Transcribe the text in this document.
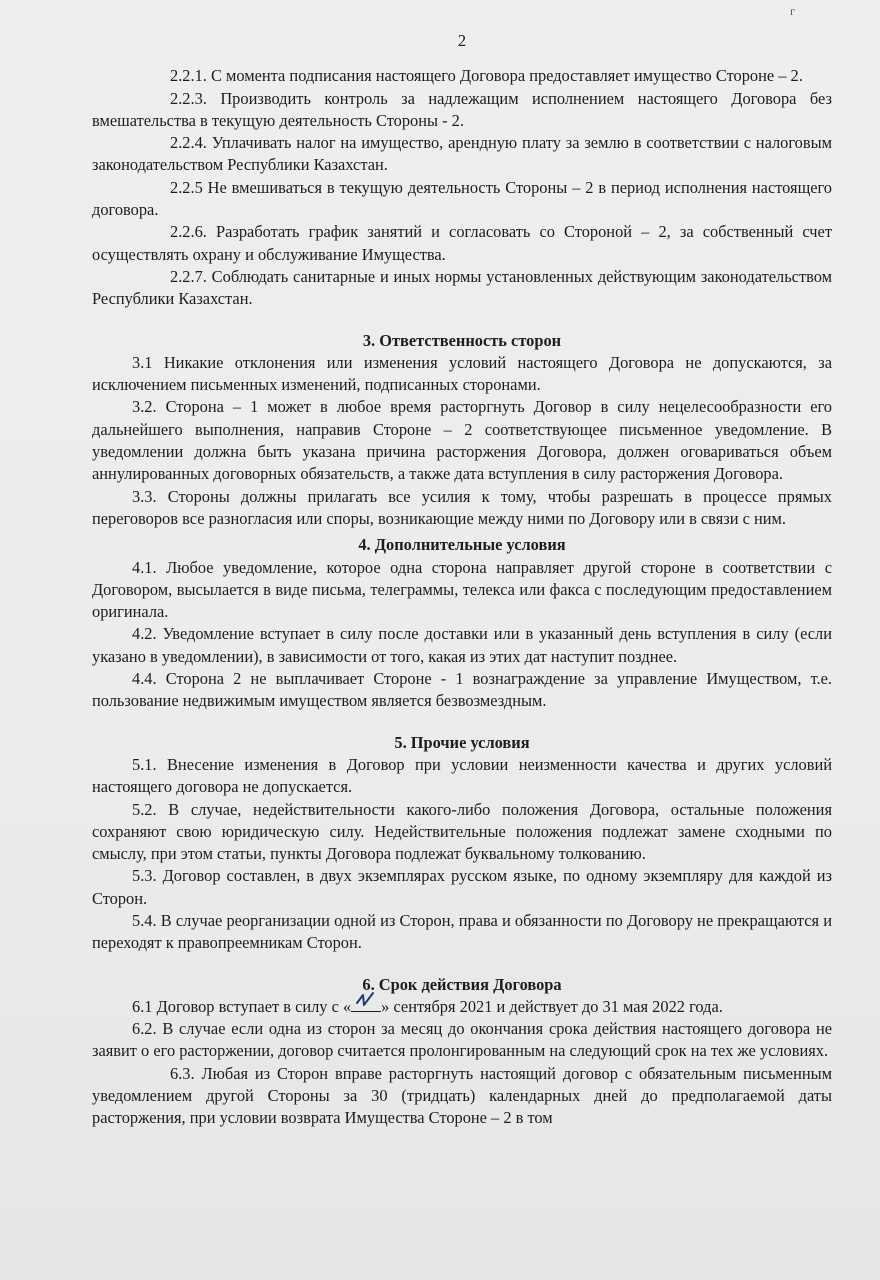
г
2

2.2.1. С момента подписания настоящего Договора предоставляет имущество Стороне – 2.

2.2.3. Производить контроль за надлежащим исполнением настоящего Договора без вмешательства в текущую деятельность Стороны - 2.

2.2.4. Уплачивать налог на имущество, арендную плату за землю в соответствии с налоговым законодательством Республики Казахстан.

2.2.5 Не вмешиваться в текущую деятельность Стороны – 2 в период исполнения настоящего договора.

2.2.6. Разработать график занятий и согласовать со Стороной – 2, за собственный счет осуществлять охрану и обслуживание Имущества.

2.2.7. Соблюдать санитарные и иных нормы установленных действующим законодательством Республики Казахстан.

3. Ответственность сторон

3.1 Никакие отклонения или изменения условий настоящего Договора не допускаются, за исключением письменных изменений, подписанных сторонами.

3.2. Сторона – 1 может в любое время расторгнуть Договор в силу нецелесообразности его дальнейшего выполнения, направив Стороне – 2 соответствующее письменное уведомление. В уведомлении должна быть указана причина расторжения Договора, должен оговариваться объем аннулированных договорных обязательств, а также дата вступления в силу расторжения Договора.

3.3. Стороны должны прилагать все усилия к тому, чтобы разрешать в процессе прямых переговоров все разногласия или споры, возникающие между ними по Договору или в связи с ним.

4. Дополнительные условия

4.1. Любое уведомление, которое одна сторона направляет другой стороне в соответствии с Договором, высылается в виде письма, телеграммы, телекса или факса с последующим предоставлением оригинала.

4.2. Уведомление вступает в силу после доставки или в указанный день вступления в силу (если указано в уведомлении), в зависимости от того, какая из этих дат наступит позднее.

4.4. Сторона 2 не выплачивает Стороне - 1 вознаграждение за управление Имуществом, т.е. пользование недвижимым имуществом является безвозмездным.

5. Прочие условия

5.1. Внесение изменения в Договор при условии неизменности качества и других условий настоящего договора не допускается.

5.2. В случае, недействительности какого-либо положения Договора, остальные положения сохраняют свою юридическую силу. Недействительные положения подлежат замене сходными по смыслу, при этом статьи, пункты Договора подлежат буквальному толкованию.

5.3. Договор составлен, в двух экземплярах русском языке, по одному экземпляру для каждой из Сторон.

5.4. В случае реорганизации одной из Сторон, права и обязанности по Договору не прекращаются и переходят к правопреемникам Сторон.

6. Срок действия Договора

6.1 Договор вступает в силу с « » сентября 2021 и действует до 31 мая 2022 года.

6.2. В случае если одна из сторон за месяц до окончания срока действия настоящего договора не заявит о его расторжении, договор считается пролонгированным на следующий срок на тех же условиях.

6.3. Любая из Сторон вправе расторгнуть настоящий договор с обязательным письменным уведомлением другой Стороны за 30 (тридцать) календарных дней до предполагаемой даты расторжения, при условии возврата Имущества Стороне – 2 в том
